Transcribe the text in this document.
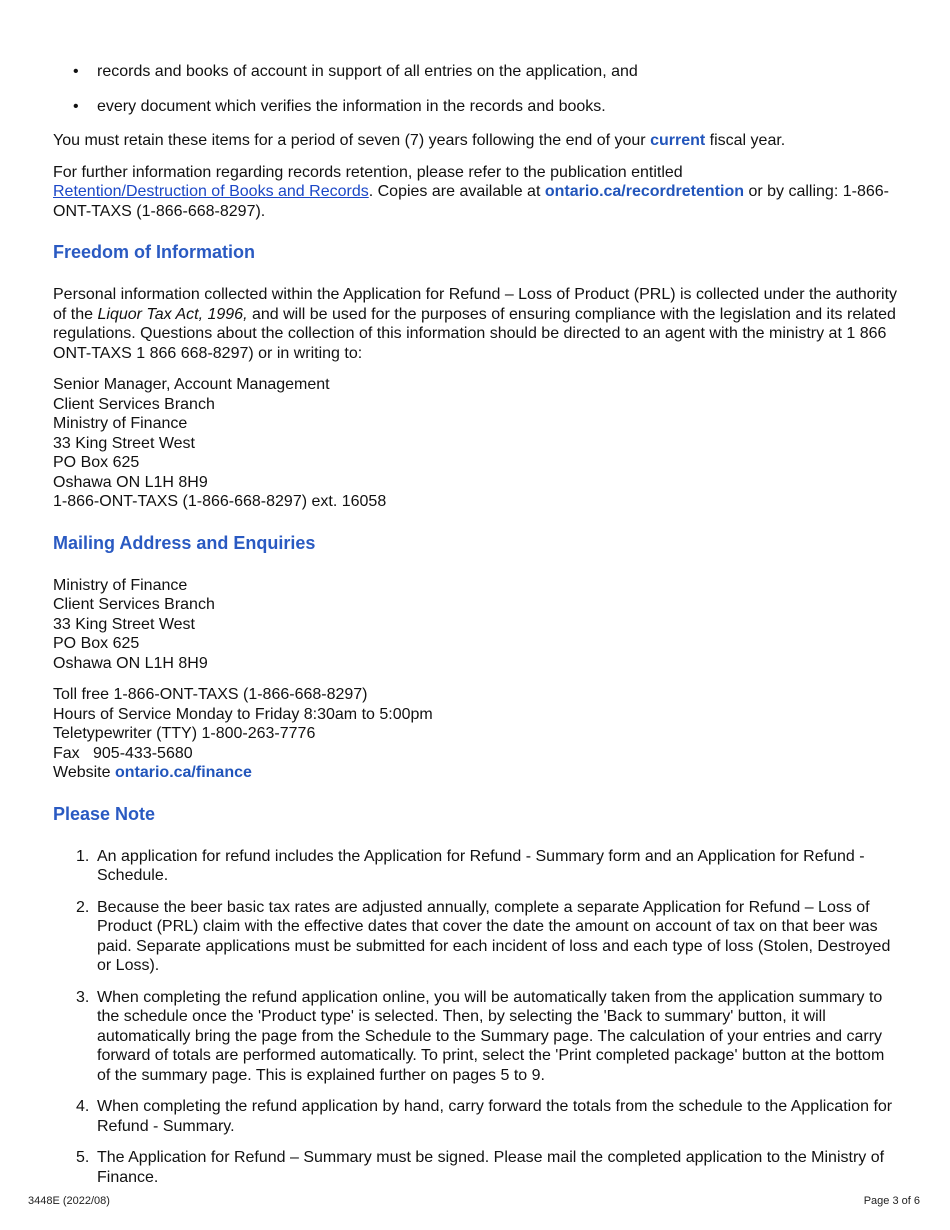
• records and books of account in support of all entries on the application, and
• every document which verifies the information in the records and books.

You must retain these items for a period of seven (7) years following the end of your current fiscal year.

For further information regarding records retention, please refer to the publication entitled
Retention/Destruction of Books and Records. Copies are available at ontario.ca/recordretention or by calling: 1-866-ONT-TAXS (1-866-668-8297).

Freedom of Information

Personal information collected within the Application for Refund – Loss of Product (PRL) is collected under the authority of the Liquor Tax Act, 1996, and will be used for the purposes of ensuring compliance with the legislation and its related regulations. Questions about the collection of this information should be directed to an agent with the ministry at 1 866 ONT-TAXS 1 866 668-8297) or in writing to:

Senior Manager, Account Management
Client Services Branch
Ministry of Finance
33 King Street West
PO Box 625
Oshawa ON L1H 8H9
1-866-ONT-TAXS (1-866-668-8297) ext. 16058
Mailing Address and Enquiries
Ministry of Finance
Client Services Branch
33 King Street West
PO Box 625
Oshawa ON L1H 8H9
Toll free 1-866-ONT-TAXS (1-866-668-8297)
Hours of Service Monday to Friday 8:30am to 5:00pm
Teletypewriter (TTY) 1-800-263-7776
Fax   905-433-5680
Website ontario.ca/finance
Please Note
1. An application for refund includes the Application for Refund - Summary form and an Application for Refund - Schedule.
2. Because the beer basic tax rates are adjusted annually, complete a separate Application for Refund – Loss of Product (PRL) claim with the effective dates that cover the date the amount on account of tax on that beer was paid. Separate applications must be submitted for each incident of loss and each type of loss (Stolen, Destroyed or Loss).
3. When completing the refund application online, you will be automatically taken from the application summary to the schedule once the 'Product type' is selected. Then, by selecting the 'Back to summary' button, it will automatically bring the page from the Schedule to the Summary page. The calculation of your entries and carry forward of totals are performed automatically. To print, select the 'Print completed package' button at the bottom of the summary page. This is explained further on pages 5 to 9.
4. When completing the refund application by hand, carry forward the totals from the schedule to the Application for Refund - Summary.
5. The Application for Refund – Summary must be signed. Please mail the completed application to the Ministry of Finance.
3448E (2022/08)	Page 3 of 6
